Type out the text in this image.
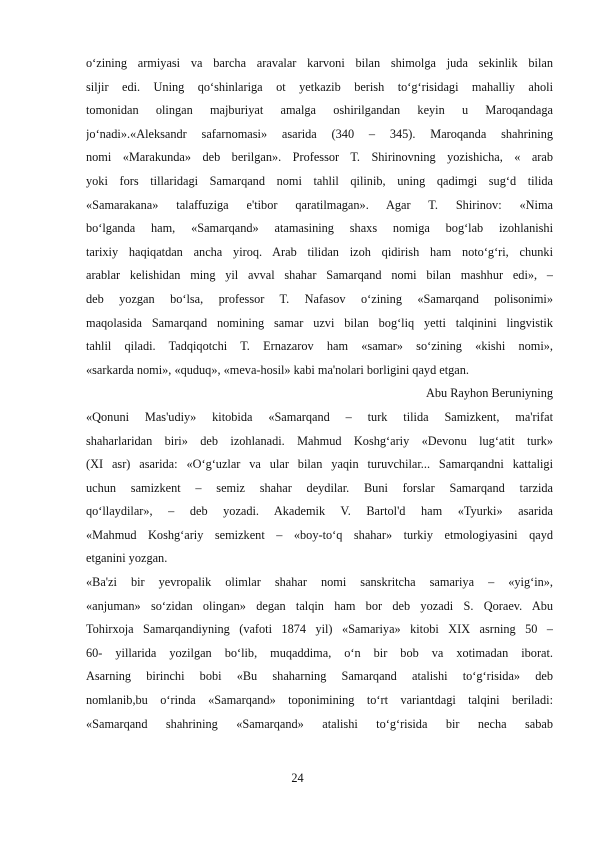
o‘zining armiyasi va barcha aravalar karvoni bilan shimolga juda sekinlik bilan
siljir edi. Uning qo‘shinlariga ot yetkazib berish to‘g‘risidagi mahalliy aholi
tomonidan olingan majburiyat amalga oshirilgandan keyin u Maroqandaga
jo‘nadi».«Aleksandr safarnomasi» asarida (340 – 345). Maroqanda shahrining
nomi «Marakunda» deb berilgan». Professor T. Shirinovning yozishicha, « arab
yoki fors tillaridagi Samarqand nomi tahlil qilinib, uning qadimgi sug‘d tilida
«Samarakana» talaffuziga e'tibor qaratilmagan». Agar T. Shirinov: «Nima
bo‘lganda ham, «Samarqand» atamasining shaxs nomiga bog‘lab izohlanishi
tarixiy haqiqatdan ancha yiroq. Arab tilidan izoh qidirish ham noto‘g‘ri, chunki
arablar kelishidan ming yil avval shahar Samarqand nomi bilan mashhur edi», –
deb yozgan bo‘lsa, professor T. Nafasov o‘zining «Samarqand polisonimi»
maqolasida Samarqand nomining samar uzvi bilan bog‘liq yetti talqinini lingvistik
tahlil qiladi. Tadqiqotchi T. Ernazarov ham «samar» so‘zining «kishi nomi»,
«sarkarda nomi», «quduq», «meva-hosil» kabi ma'nolari borligini qayd etgan.
Abu Rayhon Beruniyning
«Qonuni Mas'udiy» kitobida «Samarqand – turk tilida Samizkent, ma'rifat
shaharlaridan biri» deb izohlanadi. Mahmud Koshg‘ariy «Devonu lug‘atit turk»
(XI asr) asarida: «O‘g‘uzlar va ular bilan yaqin turuvchilar... Samarqandni kattaligi
uchun samizkent – semiz shahar deydilar. Buni forslar Samarqand tarzida
qo‘llaydilar», – deb yozadi. Akademik V. Bartol'd ham «Tyurki» asarida
«Mahmud Koshg‘ariy semizkent – «boy-to‘q shahar» turkiy etmologiyasini qayd
etganini yozgan.
«Ba'zi bir yevropalik olimlar shahar nomi sanskritcha samariya – «yig‘in»,
«anjuman» so‘zidan olingan» degan talqin ham bor deb yozadi S. Qoraev. Abu
Tohirxoja Samarqandiyning (vafoti 1874 yil) «Samariya» kitobi XIX asrning 50 –
60- yillarida yozilgan bo‘lib, muqaddima, o‘n bir bob va xotimadan iborat.
Asarning birinchi bobi «Bu shaharning Samarqand atalishi to‘g‘risida» deb
nomlanib,bu o‘rinda «Samarqand» toponimining to‘rt variantdagi talqini beriladi:
«Samarqand shahrining «Samarqand» atalishi to‘g‘risida bir necha sabab
24
